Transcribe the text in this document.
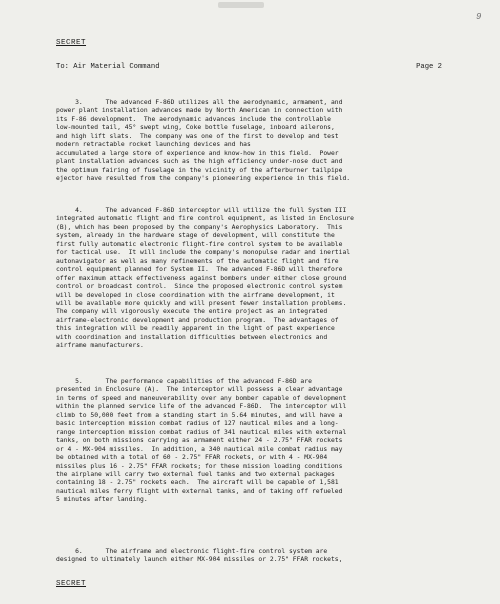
9
SECRET
To: Air Material Command	Page 2
3.      The advanced F-86D utilizes all the aerodynamic, armament, and
power plant installation advances made by North American in connection with
its F-86 development.  The aerodynamic advances include the controllable
low-mounted tail, 45° swept wing, Coke bottle fuselage, inboard ailerons,
and high lift slats.  The company was one of the first to develop and test
modern retractable rocket launching devices and has
accumulated a large store of experience and know-how in this field.  Power
plant installation advances such as the high efficiency under-nose duct and
the optimum fairing of fuselage in the vicinity of the afterburner tailpipe
ejector have resulted from the company's pioneering experience in this field.
4.      The advanced F-86D interceptor will utilize the full System III
integrated automatic flight and fire control equipment, as listed in Enclosure
(B), which has been proposed by the company's Aerophysics Laboratory.  This
system, already in the hardware stage of development, will constitute the
first fully automatic electronic flight-fire control system to be available
for tactical use.  It will include the company's monopulse radar and inertial
autonavigator as well as many refinements of the automatic flight and fire
control equipment planned for System II.  The advanced F-86D will therefore
offer maximum attack effectiveness against bombers under either close ground
control or broadcast control.  Since the proposed electronic control system
will be developed in close coordination with the airframe development, it
will be available more quickly and will present fewer installation problems.
The company will vigorously execute the entire project as an integrated
airframe-electronic development and production program.  The advantages of
this integration will be readily apparent in the light of past experience
with coordination and installation difficulties between electronics and
airframe manufacturers.
5.      The performance capabilities of the advanced F-86D are
presented in Enclosure (A).  The interceptor will possess a clear advantage
in terms of speed and maneuverability over any bomber capable of development
within the planned service life of the advanced F-86D.  The interceptor will
climb to 50,000 feet from a standing start in 5.64 minutes, and will have a
basic interception mission combat radius of 127 nautical miles and a long-
range interception mission combat radius of 341 nautical miles with external
tanks, on both missions carrying as armament either 24 - 2.75" FFAR rockets
or 4 - MX-904 missiles.  In addition, a 340 nautical mile combat radius may
be obtained with a total of 60 - 2.75" FFAR rockets, or with 4 - MX-904
missiles plus 16 - 2.75" FFAR rockets; for these mission loading conditions
the airplane will carry two external fuel tanks and two external packages
containing 18 - 2.75" rockets each.  The aircraft will be capable of 1,581
nautical miles ferry flight with external tanks, and of taking off refueled
5 minutes after landing.
6.      The airframe and electronic flight-fire control system are
designed to ultimately launch either MX-904 missiles or 2.75" FFAR rockets,
SECRET
